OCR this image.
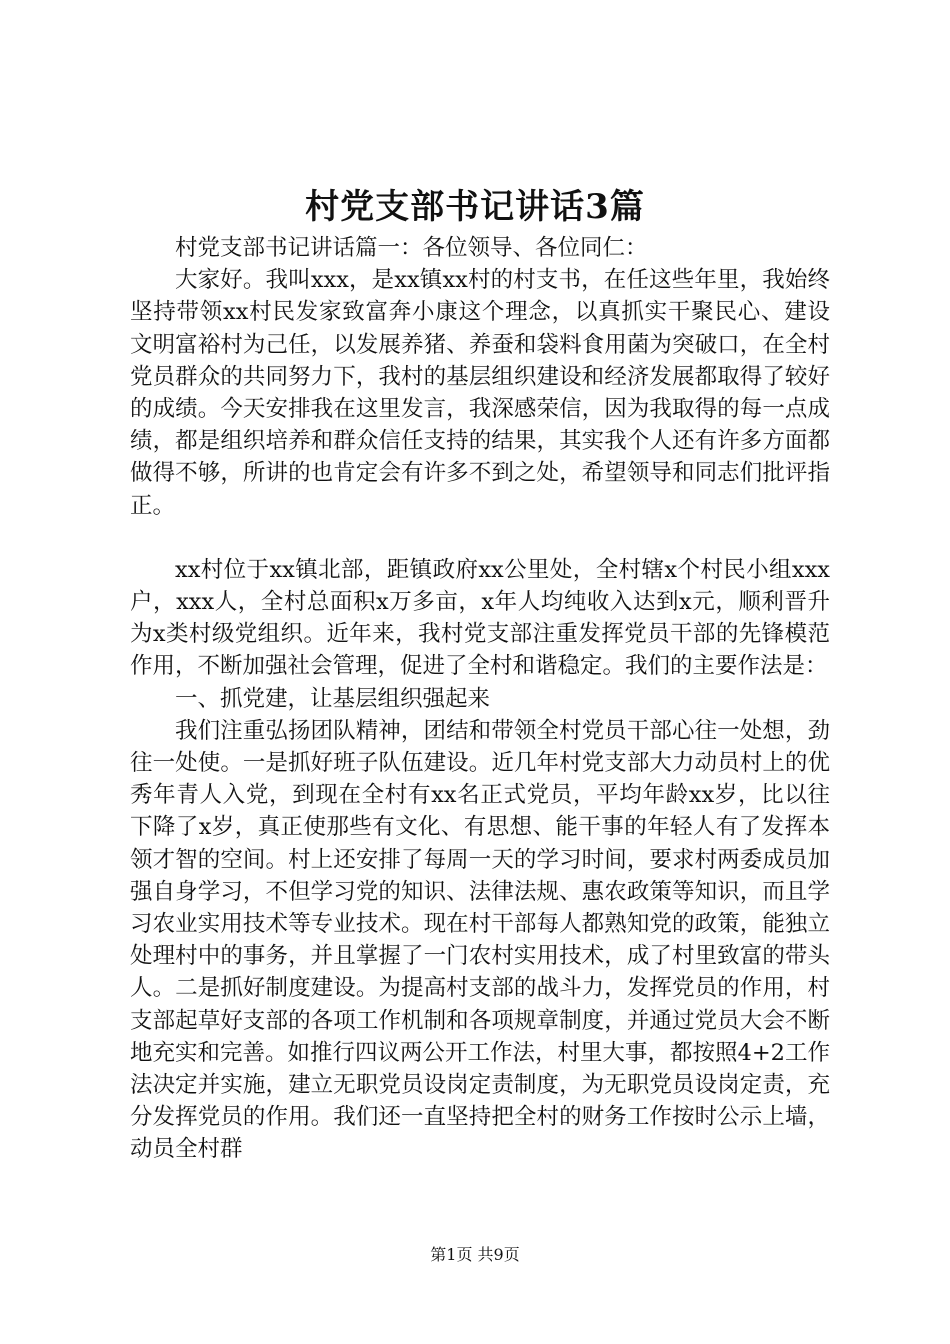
村党支部书记讲话3篇

村党支部书记讲话篇一：各位领导、各位同仁：

大家好。我叫xxx，是xx镇xx村的村支书，在任这些年里，我始终坚持带领xx村民发家致富奔小康这个理念，以真抓实干聚民心、建设文明富裕村为己任，以发展养猪、养蚕和袋料食用菌为突破口，在全村党员群众的共同努力下，我村的基层组织建设和经济发展都取得了较好的成绩。今天安排我在这里发言，我深感荣信，因为我取得的每一点成绩，都是组织培养和群众信任支持的结果，其实我个人还有许多方面都做得不够，所讲的也肯定会有许多不到之处，希望领导和同志们批评指正。

xx村位于xx镇北部，距镇政府xx公里处，全村辖x个村民小组xxx户，xxx人，全村总面积x万多亩，x年人均纯收入达到x元，顺利晋升为x类村级党组织。近年来，我村党支部注重发挥党员干部的先锋模范作用，不断加强社会管理，促进了全村和谐稳定。我们的主要作法是：

一、抓党建，让基层组织强起来

我们注重弘扬团队精神，团结和带领全村党员干部心往一处想，劲往一处使。一是抓好班子队伍建设。近几年村党支部大力动员村上的优秀年青人入党，到现在全村有xx名正式党员，平均年龄xx岁，比以往下降了x岁，真正使那些有文化、有思想、能干事的年轻人有了发挥本领才智的空间。村上还安排了每周一天的学习时间，要求村两委成员加强自身学习，不但学习党的知识、法律法规、惠农政策等知识，而且学习农业实用技术等专业技术。现在村干部每人都熟知党的政策，能独立处理村中的事务，并且掌握了一门农村实用技术，成了村里致富的带头人。二是抓好制度建设。为提高村支部的战斗力，发挥党员的作用，村支部起草好支部的各项工作机制和各项规章制度，并通过党员大会不断地充实和完善。如推行四议两公开工作法，村里大事，都按照4+2工作法决定并实施，建立无职党员设岗定责制度，为无职党员设岗定责，充分发挥党员的作用。我们还一直坚持把全村的财务工作按时公示上墙，动员全村群

第1页 共9页
